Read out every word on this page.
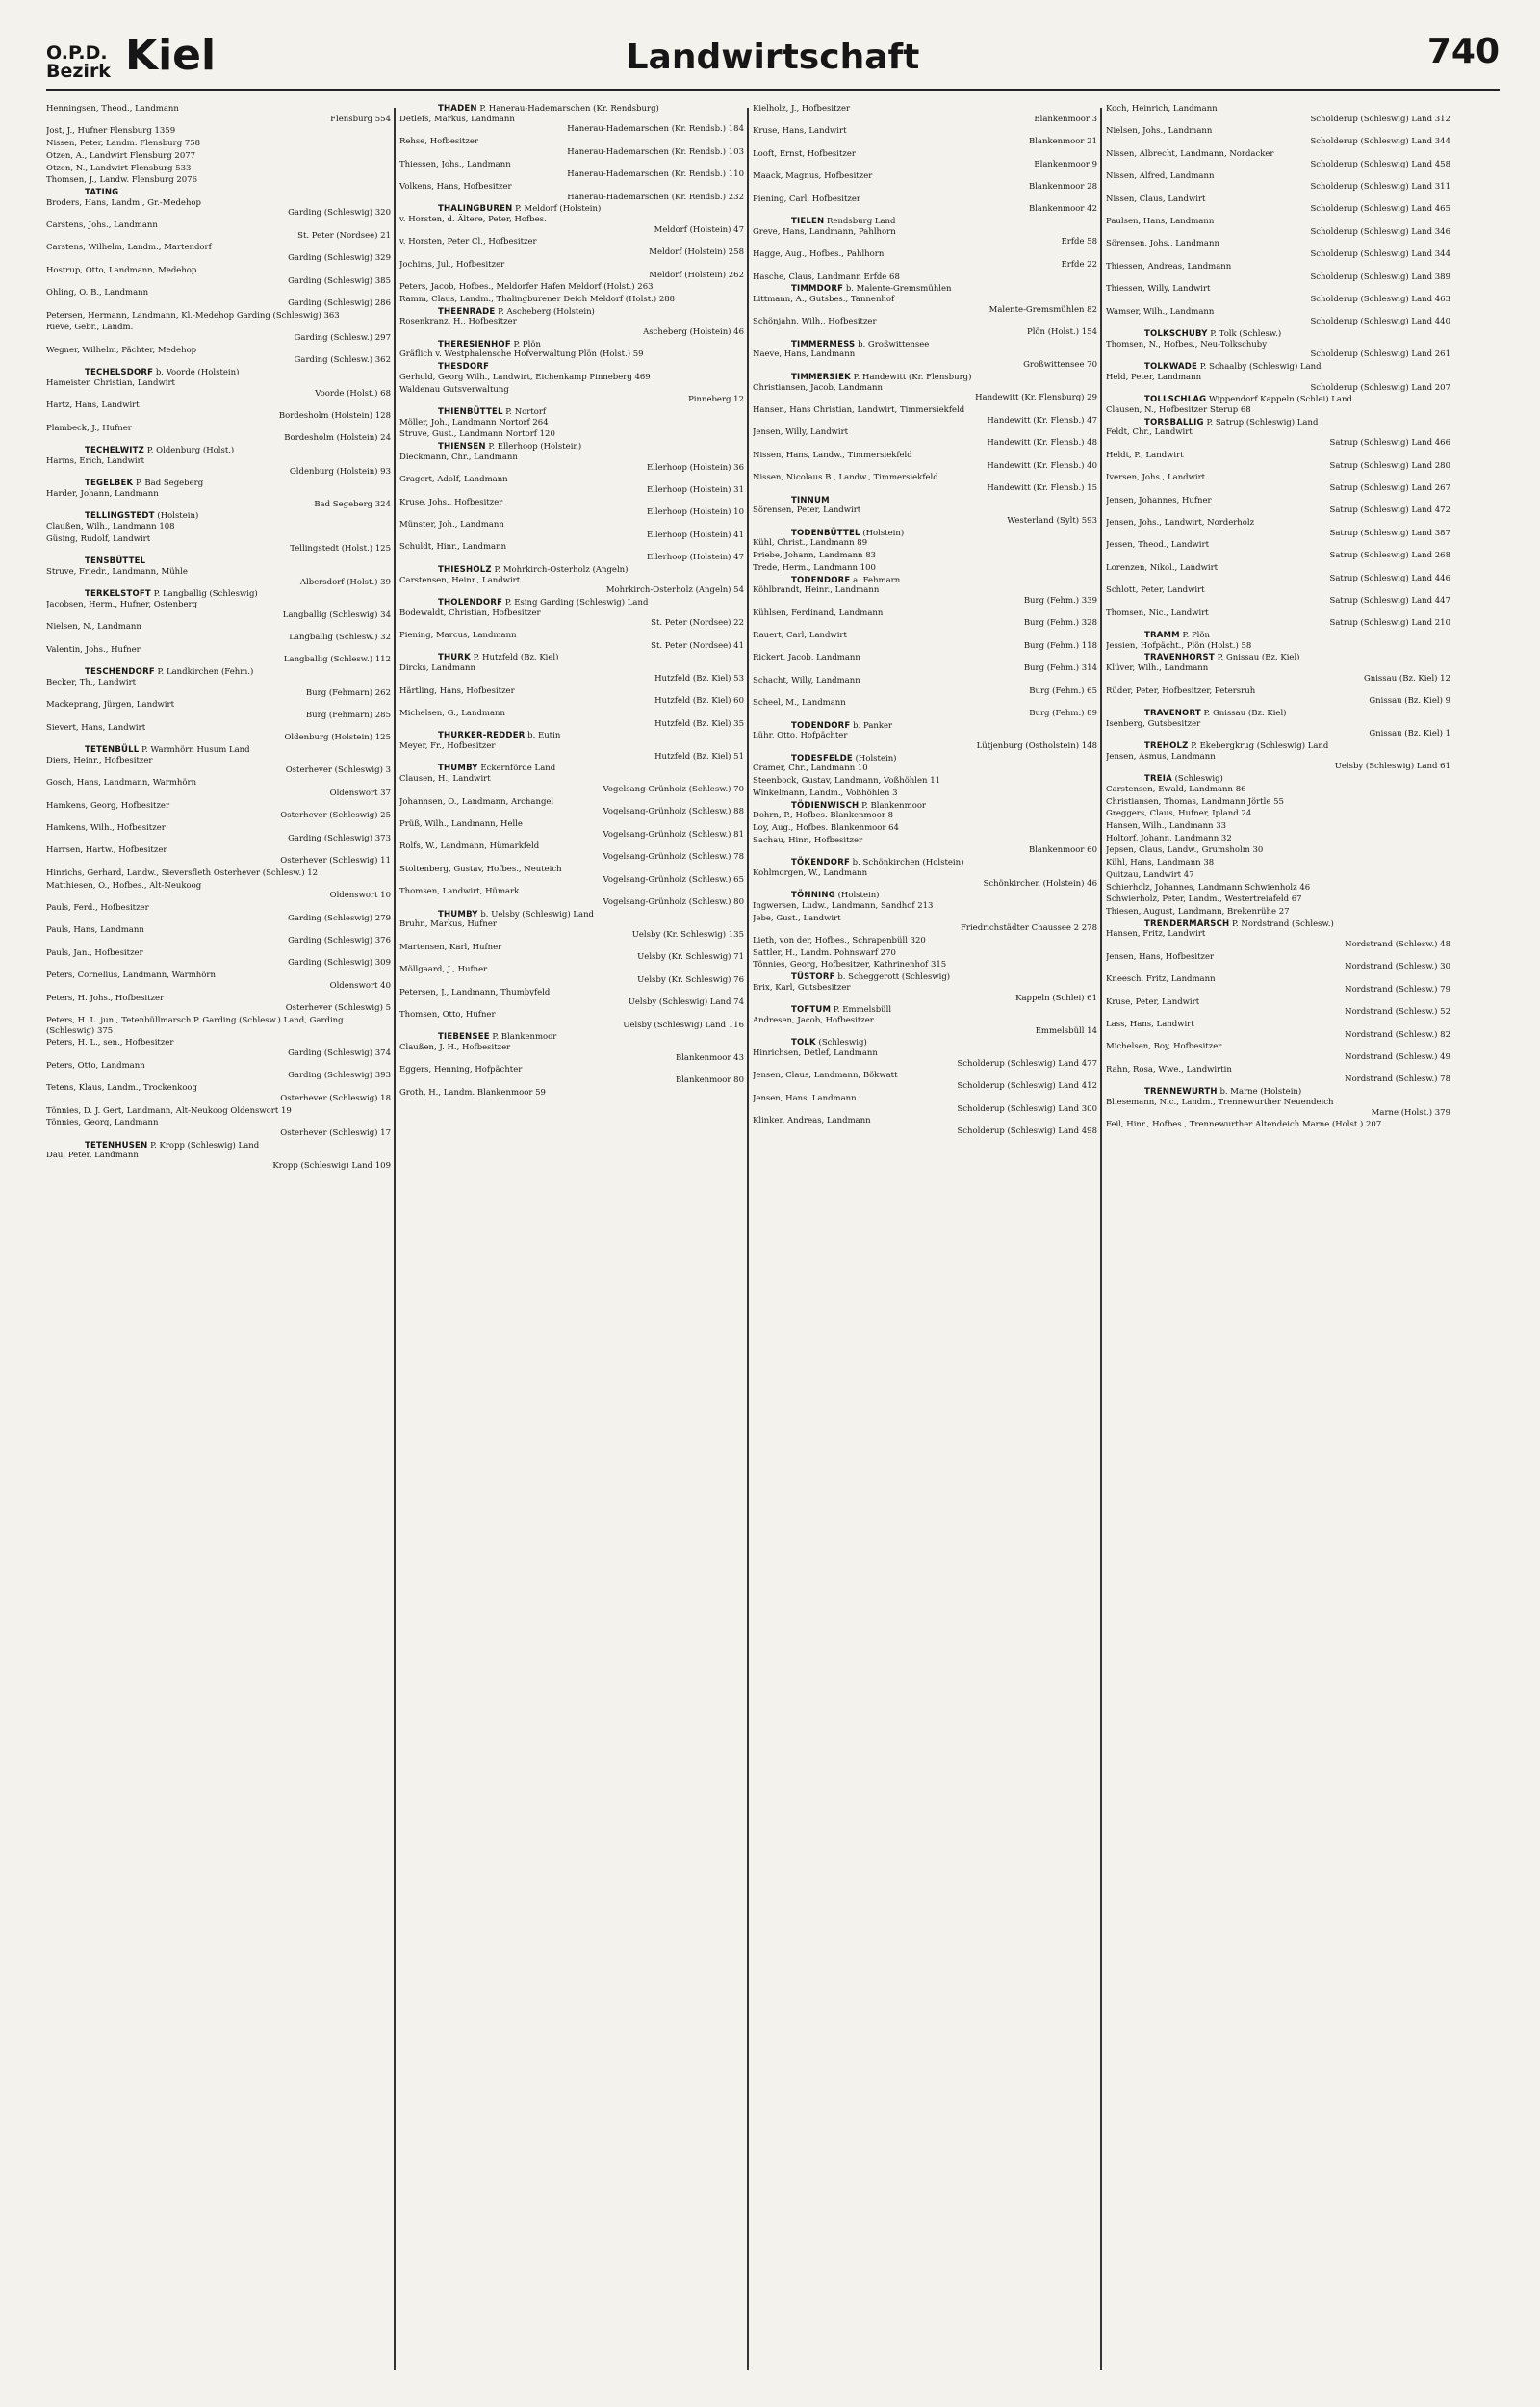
O.P.D.
Bezirk Kiel	Landwirtschaft	740
Henningsen, Theod., Landmann
Flensburg 554
Jost, J., Hufner Flensburg 1359
Nissen, Peter, Landm. Flensburg 758
Otzen, A., Landwirt Flensburg 2077
Otzen, N., Landwirt Flensburg 533
Thomsen, J., Landw. Flensburg 2076
TATING
Broders, Hans, Landm., Gr.-Medehop
Garding (Schleswig) 320
Carstens, Johs., Landmann
St. Peter (Nordsee) 21
Carstens, Wilhelm, Landm., Martendorf
Garding (Schleswig) 329
Hostrup, Otto, Landmann, Medehop
Garding (Schleswig) 385
Ohling, O. B., Landmann
Garding (Schleswig) 286
Petersen, Hermann, Landmann, Kl.-Medehop Garding (Schleswig) 363
Rieve, Gebr., Landm.
Garding (Schlesw.) 297
Wegner, Wilhelm, Pächter, Medehop
Garding (Schlesw.) 362
TECHELSDORF b. Voorde (Holstein)
Hameister, Christian, Landwirt
Voorde (Holst.) 68
Hartz, Hans, Landwirt
Bordesholm (Holstein) 128
Plambeck, J., Hufner
Bordesholm (Holstein) 24
TECHELWITZ P. Oldenburg (Holst.)
Harms, Erich, Landwirt
Oldenburg (Holstein) 93
TEGELBEK P. Bad Segeberg
Harder, Johann, Landmann
Bad Segeberg 324
TELLINGSTEDT (Holstein)
Claußen, Wilh., Landmann 108
Güsing, Rudolf, Landwirt
Tellingstedt (Holst.) 125
TENSBÜTTEL
Struve, Friedr., Landmann, Mühle
Albersdorf (Holst.) 39
TERKELSTOFT P. Langballig (Schleswig)
Jacobsen, Herm., Hufner, Ostenberg
Langballig (Schleswig) 34
Nielsen, N., Landmann
Langballig (Schlesw.) 32
Valentin, Johs., Hufner
Langballig (Schlesw.) 112
TESCHENDORF P. Landkirchen (Fehm.)
Becker, Th., Landwirt
Burg (Fehmarn) 262
Mackeprang, Jürgen, Landwirt
Burg (Fehmarn) 285
Sievert, Hans, Landwirt
Oldenburg (Holstein) 125
TETENBÜLL P. Warmhörn Husum Land
Diers, Heinr., Hofbesitzer
Osterhever (Schleswig) 3
Gosch, Hans, Landmann, Warmhörn
Oldenswort 37
Hamkens, Georg, Hofbesitzer
Osterhever (Schleswig) 25
Hamkens, Wilh., Hofbesitzer
Garding (Schleswig) 373
Harrsen, Hartw., Hofbesitzer
Osterhever (Schleswig) 11
Hinrichs, Gerhard, Landw., Sieversfleth Osterhever (Schlesw.) 12
Matthiesen, O., Hofbes., Alt-Neukoog
Oldenswort 10
Pauls, Ferd., Hofbesitzer
Garding (Schleswig) 279
Pauls, Hans, Landmann
Garding (Schleswig) 376
Pauls, Jan., Hofbesitzer
Garding (Schleswig) 309
Peters, Cornelius, Landmann, Warmhörn
Oldenswort 40
Peters, H. Johs., Hofbesitzer
Osterhever (Schleswig) 5
Peters, H. L. jun., Tetenbüllmarsch P. Garding (Schlesw.) Land, Garding (Schleswig) 375
Peters, H. L., sen., Hofbesitzer
Garding (Schleswig) 374
Peters, Otto, Landmann
Garding (Schleswig) 393
Tetens, Klaus, Landm., Trockenkoog
Osterhever (Schleswig) 18
Tönnies, D. J. Gert, Landmann, Alt-Neukoog Oldenswort 19
Tönnies, Georg, Landmann
Osterhever (Schleswig) 17
TETENHUSEN P. Kropp (Schleswig) Land
Dau, Peter, Landmann
Kropp (Schleswig) Land 109
THADEN P. Hanerau-Hademarschen (Kr. Rendsburg)
Detlefs, Markus, Landmann
Hanerau-Hademarschen (Kr. Rendsb.) 184
Rehse, Hofbesitzer
Hanerau-Hademarschen (Kr. Rendsb.) 103
Thiessen, Johs., Landmann
Hanerau-Hademarschen (Kr. Rendsb.) 110
Volkens, Hans, Hofbesitzer
Hanerau-Hademarschen (Kr. Rendsb.) 232
THALINGBUREN P. Meldorf (Holstein)
v. Horsten, d. Ältere, Peter, Hofbes.
Meldorf (Holstein) 47
v. Horsten, Peter Cl., Hofbesitzer
Meldorf (Holstein) 258
Jochims, Jul., Hofbesitzer
Meldorf (Holstein) 262
Peters, Jacob, Hofbes., Meldorfer Hafen Meldorf (Holst.) 263
Ramm, Claus, Landm., Thalingburener Deich Meldorf (Holst.) 288
THEENRADE P. Ascheberg (Holstein)
Rosenkranz, H., Hofbesitzer
Ascheberg (Holstein) 46
THERESIENHOF P. Plön
Gräflich v. Westphalensche Hofverwaltung Plön (Holst.) 59
THESDORF
Gerhold, Georg Wilh., Landwirt, Eichenkamp Pinneberg 469
Waldenau Gutsverwaltung
Pinneberg 12
THIENBÜTTEL P. Nortorf
Möller, Joh., Landmann Nortorf 264
Struve, Gust., Landmann Nortorf 120
THIENSEN P. Ellerhoop (Holstein)
Dieckmann, Chr., Landmann
Ellerhoop (Holstein) 36
Gragert, Adolf, Landmann
Ellerhoop (Holstein) 31
Kruse, Johs., Hofbesitzer
Ellerhoop (Holstein) 10
Münster, Joh., Landmann
Ellerhoop (Holstein) 41
Schuldt, Hinr., Landmann
Ellerhoop (Holstein) 47
THIESHOLZ P. Mohrkirch-Osterholz (Angeln)
Carstensen, Heinr., Landwirt
Mohrkirch-Osterholz (Angeln) 54
THOLENDORF P. Esing Garding (Schleswig) Land
Bodewaldt, Christian, Hofbesitzer
St. Peter (Nordsee) 22
Piening, Marcus, Landmann
St. Peter (Nordsee) 41
THURK P. Hutzfeld (Bz. Kiel)
Dircks, Landmann
Hutzfeld (Bz. Kiel) 53
Härtling, Hans, Hofbesitzer
Hutzfeld (Bz. Kiel) 60
Michelsen, G., Landmann
Hutzfeld (Bz. Kiel) 35
THURKER-REDDER b. Eutin
Meyer, Fr., Hofbesitzer
Hutzfeld (Bz. Kiel) 51
THUMBY Eckernförde Land
Clausen, H., Landwirt
Vogelsang-Grünholz (Schlesw.) 70
Johannsen, O., Landmann, Archangel
Vogelsang-Grünholz (Schlesw.) 88
Prüß, Wilh., Landmann, Helle
Vogelsang-Grünholz (Schlesw.) 81
Rolfs, W., Landmann, Hümarkfeld
Vogelsang-Grünholz (Schlesw.) 78
Stoltenberg, Gustav, Hofbes., Neuteich
Vogelsang-Grünholz (Schlesw.) 65
Thomsen, Landwirt, Hümark
Vogelsang-Grünholz (Schlesw.) 80
THUMBY b. Uelsby (Schleswig) Land
Bruhn, Markus, Hufner
Uelsby (Kr. Schleswig) 135
Martensen, Karl, Hufner
Uelsby (Kr. Schleswig) 71
Möllgaard, J., Hufner
Uelsby (Kr. Schleswig) 76
Petersen, J., Landmann, Thumbyfeld
Uelsby (Schleswig) Land 74
Thomsen, Otto, Hufner
Uelsby (Schleswig) Land 116
TIEBENSEE P. Blankenmoor
Claußen, J. H., Hofbesitzer
Blankenmoor 43
Eggers, Henning, Hofpächter
Blankenmoor 80
Groth, H., Landm. Blankenmoor 59
Kielholz, J., Hofbesitzer
Blankenmoor 3
Kruse, Hans, Landwirt
Blankenmoor 21
Looft, Ernst, Hofbesitzer
Blankenmoor 9
Maack, Magnus, Hofbesitzer
Blankenmoor 28
Piening, Carl, Hofbesitzer
Blankenmoor 42
TIELEN Rendsburg Land
Greve, Hans, Landmann, Pahlhorn
Erfde 58
Hagge, Aug., Hofbes., Pahlhorn
Erfde 22
Hasche, Claus, Landmann Erfde 68
TIMMDORF b. Malente-Gremsmühlen
Littmann, A., Gutsbes., Tannenhof
Malente-Gremsmühlen 82
Schönjahn, Wilh., Hofbesitzer
Plön (Holst.) 154
TIMMERMESS b. Großwittensee
Naeve, Hans, Landmann
Großwittensee 70
TIMMERSIEK P. Handewitt (Kr. Flensburg)
Christiansen, Jacob, Landmann
Handewitt (Kr. Flensburg) 29
Hansen, Hans Christian, Landwirt, Timmersiekfeld
Handewitt (Kr. Flensb.) 47
Jensen, Willy, Landwirt
Handewitt (Kr. Flensb.) 48
Nissen, Hans, Landw., Timmersiekfeld
Handewitt (Kr. Flensb.) 40
Nissen, Nicolaus B., Landw., Timmersiekfeld
Handewitt (Kr. Flensb.) 15
TINNUM
Sörensen, Peter, Landwirt
Westerland (Sylt) 593
TODENBÜTTEL (Holstein)
Kühl, Christ., Landmann 89
Priebe, Johann, Landmann 83
Trede, Herm., Landmann 100
TODENDORF a. Fehmarn
Köhlbrandt, Heinr., Landmann
Burg (Fehm.) 339
Kühlsen, Ferdinand, Landmann
Burg (Fehm.) 328
Rauert, Carl, Landwirt
Burg (Fehm.) 118
Rickert, Jacob, Landmann
Burg (Fehm.) 314
Schacht, Willy, Landmann
Burg (Fehm.) 65
Scheel, M., Landmann
Burg (Fehm.) 89
TODENDORF b. Panker
Lühr, Otto, Hofpächter
Lütjenburg (Ostholstein) 148
TODESFELDE (Holstein)
Cramer, Chr., Landmann 10
Steenbock, Gustav, Landmann, Voßhöhlen 11
Winkelmann, Landm., Voßhöhlen 3
TÖDIENWISCH P. Blankenmoor
Dohrn, P., Hofbes. Blankenmoor 8
Loy, Aug., Hofbes. Blankenmoor 64
Sachau, Hinr., Hofbesitzer
Blankenmoor 60
TÖKENDORF b. Schönkirchen (Holstein)
Kohlmorgen, W., Landmann
Schönkirchen (Holstein) 46
TÖNNING (Holstein)
Ingwersen, Ludw., Landmann, Sandhof 213
Jebe, Gust., Landwirt
Friedrichstädter Chaussee 2 278
Lieth, von der, Hofbes., Schrapenbüll 320
Sattler, H., Landm. Pohnswarf 270
Tönnies, Georg, Hofbesitzer, Kathrinenhof 315
TÜSTORF b. Scheggerott (Schleswig)
Brix, Karl, Gutsbesitzer
Kappeln (Schlei) 61
TOFTUM P. Emmelsbüll
Andresen, Jacob, Hofbesitzer
Emmelsbüll 14
TOLK (Schleswig)
Hinrichsen, Detlef, Landmann
Scholderup (Schleswig) Land 477
Jensen, Claus, Landmann, Bökwatt
Scholderup (Schleswig) Land 412
Jensen, Hans, Landmann
Scholderup (Schleswig) Land 300
Klinker, Andreas, Landmann
Scholderup (Schleswig) Land 498
Koch, Heinrich, Landmann
Scholderup (Schleswig) Land 312
Nielsen, Johs., Landmann
Scholderup (Schleswig) Land 344
Nissen, Albrecht, Landmann, Nordacker
Scholderup (Schleswig) Land 458
Nissen, Alfred, Landmann
Scholderup (Schleswig) Land 311
Nissen, Claus, Landwirt
Scholderup (Schleswig) Land 465
Paulsen, Hans, Landmann
Scholderup (Schleswig) Land 346
Sörensen, Johs., Landmann
Scholderup (Schleswig) Land 344
Thiessen, Andreas, Landmann
Scholderup (Schleswig) Land 389
Thiessen, Willy, Landwirt
Scholderup (Schleswig) Land 463
Wamser, Wilh., Landmann
Scholderup (Schleswig) Land 440
TOLKSCHUBY P. Tolk (Schlesw.)
Thomsen, N., Hofbes., Neu-Tolkschuby
Scholderup (Schleswig) Land 261
TOLKWADE P. Schaalby (Schleswig) Land
Held, Peter, Landmann
Scholderup (Schleswig) Land 207
TOLLSCHLAG Wippendorf Kappeln (Schlei) Land
Clausen, N., Hofbesitzer Sterup 68
TORSBALLIG P. Satrup (Schleswig) Land
Feldt, Chr., Landwirt
Satrup (Schleswig) Land 466
Heldt, P., Landwirt
Satrup (Schleswig) Land 280
Iversen, Johs., Landwirt
Satrup (Schleswig) Land 267
Jensen, Johannes, Hufner
Satrup (Schleswig) Land 472
Jensen, Johs., Landwirt, Norderholz
Satrup (Schleswig) Land 387
Jessen, Theod., Landwirt
Satrup (Schleswig) Land 268
Lorenzen, Nikol., Landwirt
Satrup (Schleswig) Land 446
Schlott, Peter, Landwirt
Satrup (Schleswig) Land 447
Thomsen, Nic., Landwirt
Satrup (Schleswig) Land 210
TRAMM P. Plön
Jessien, Hofpächt., Plön (Holst.) 58
TRAVENHORST P. Gnissau (Bz. Kiel)
Klüver, Wilh., Landmann
Gnissau (Bz. Kiel) 12
Rüder, Peter, Hofbesitzer, Petersruh
Gnissau (Bz. Kiel) 9
TRAVENORT P. Gnissau (Bz. Kiel)
Isenberg, Gutsbesitzer
Gnissau (Bz. Kiel) 1
TREHOLZ P. Ekebergkrug (Schleswig) Land
Jensen, Asmus, Landmann
Uelsby (Schleswig) Land 61
TREIA (Schleswig)
Carstensen, Ewald, Landmann 86
Christiansen, Thomas, Landmann Jörtle 55
Greggers, Claus, Hufner, Ipland 24
Hansen, Wilh., Landmann 33
Holtorf, Johann, Landmann 32
Jepsen, Claus, Landw., Grumsholm 30
Kühl, Hans, Landmann 38
Quitzau, Landwirt 47
Schierholz, Johannes, Landmann Schwienholz 46
Schwierholz, Peter, Landm., Westertreiafeld 67
Thiesen, August, Landmann, Brekenrühe 27
TRENDERMARSCH P. Nordstrand (Schlesw.)
Hansen, Fritz, Landwirt
Nordstrand (Schlesw.) 48
Jensen, Hans, Hofbesitzer
Nordstrand (Schlesw.) 30
Kneesch, Fritz, Landmann
Nordstrand (Schlesw.) 79
Kruse, Peter, Landwirt
Nordstrand (Schlesw.) 52
Lass, Hans, Landwirt
Nordstrand (Schlesw.) 82
Michelsen, Boy, Hofbesitzer
Nordstrand (Schlesw.) 49
Rahn, Rosa, Wwe., Landwirtin
Nordstrand (Schlesw.) 78
TRENNEWURTH b. Marne (Holstein)
Bliesemann, Nic., Landm., Trennewurther Neuendeich
Marne (Holst.) 379
Feil, Hinr., Hofbes., Trennewurther Altendeich Marne (Holst.) 207
